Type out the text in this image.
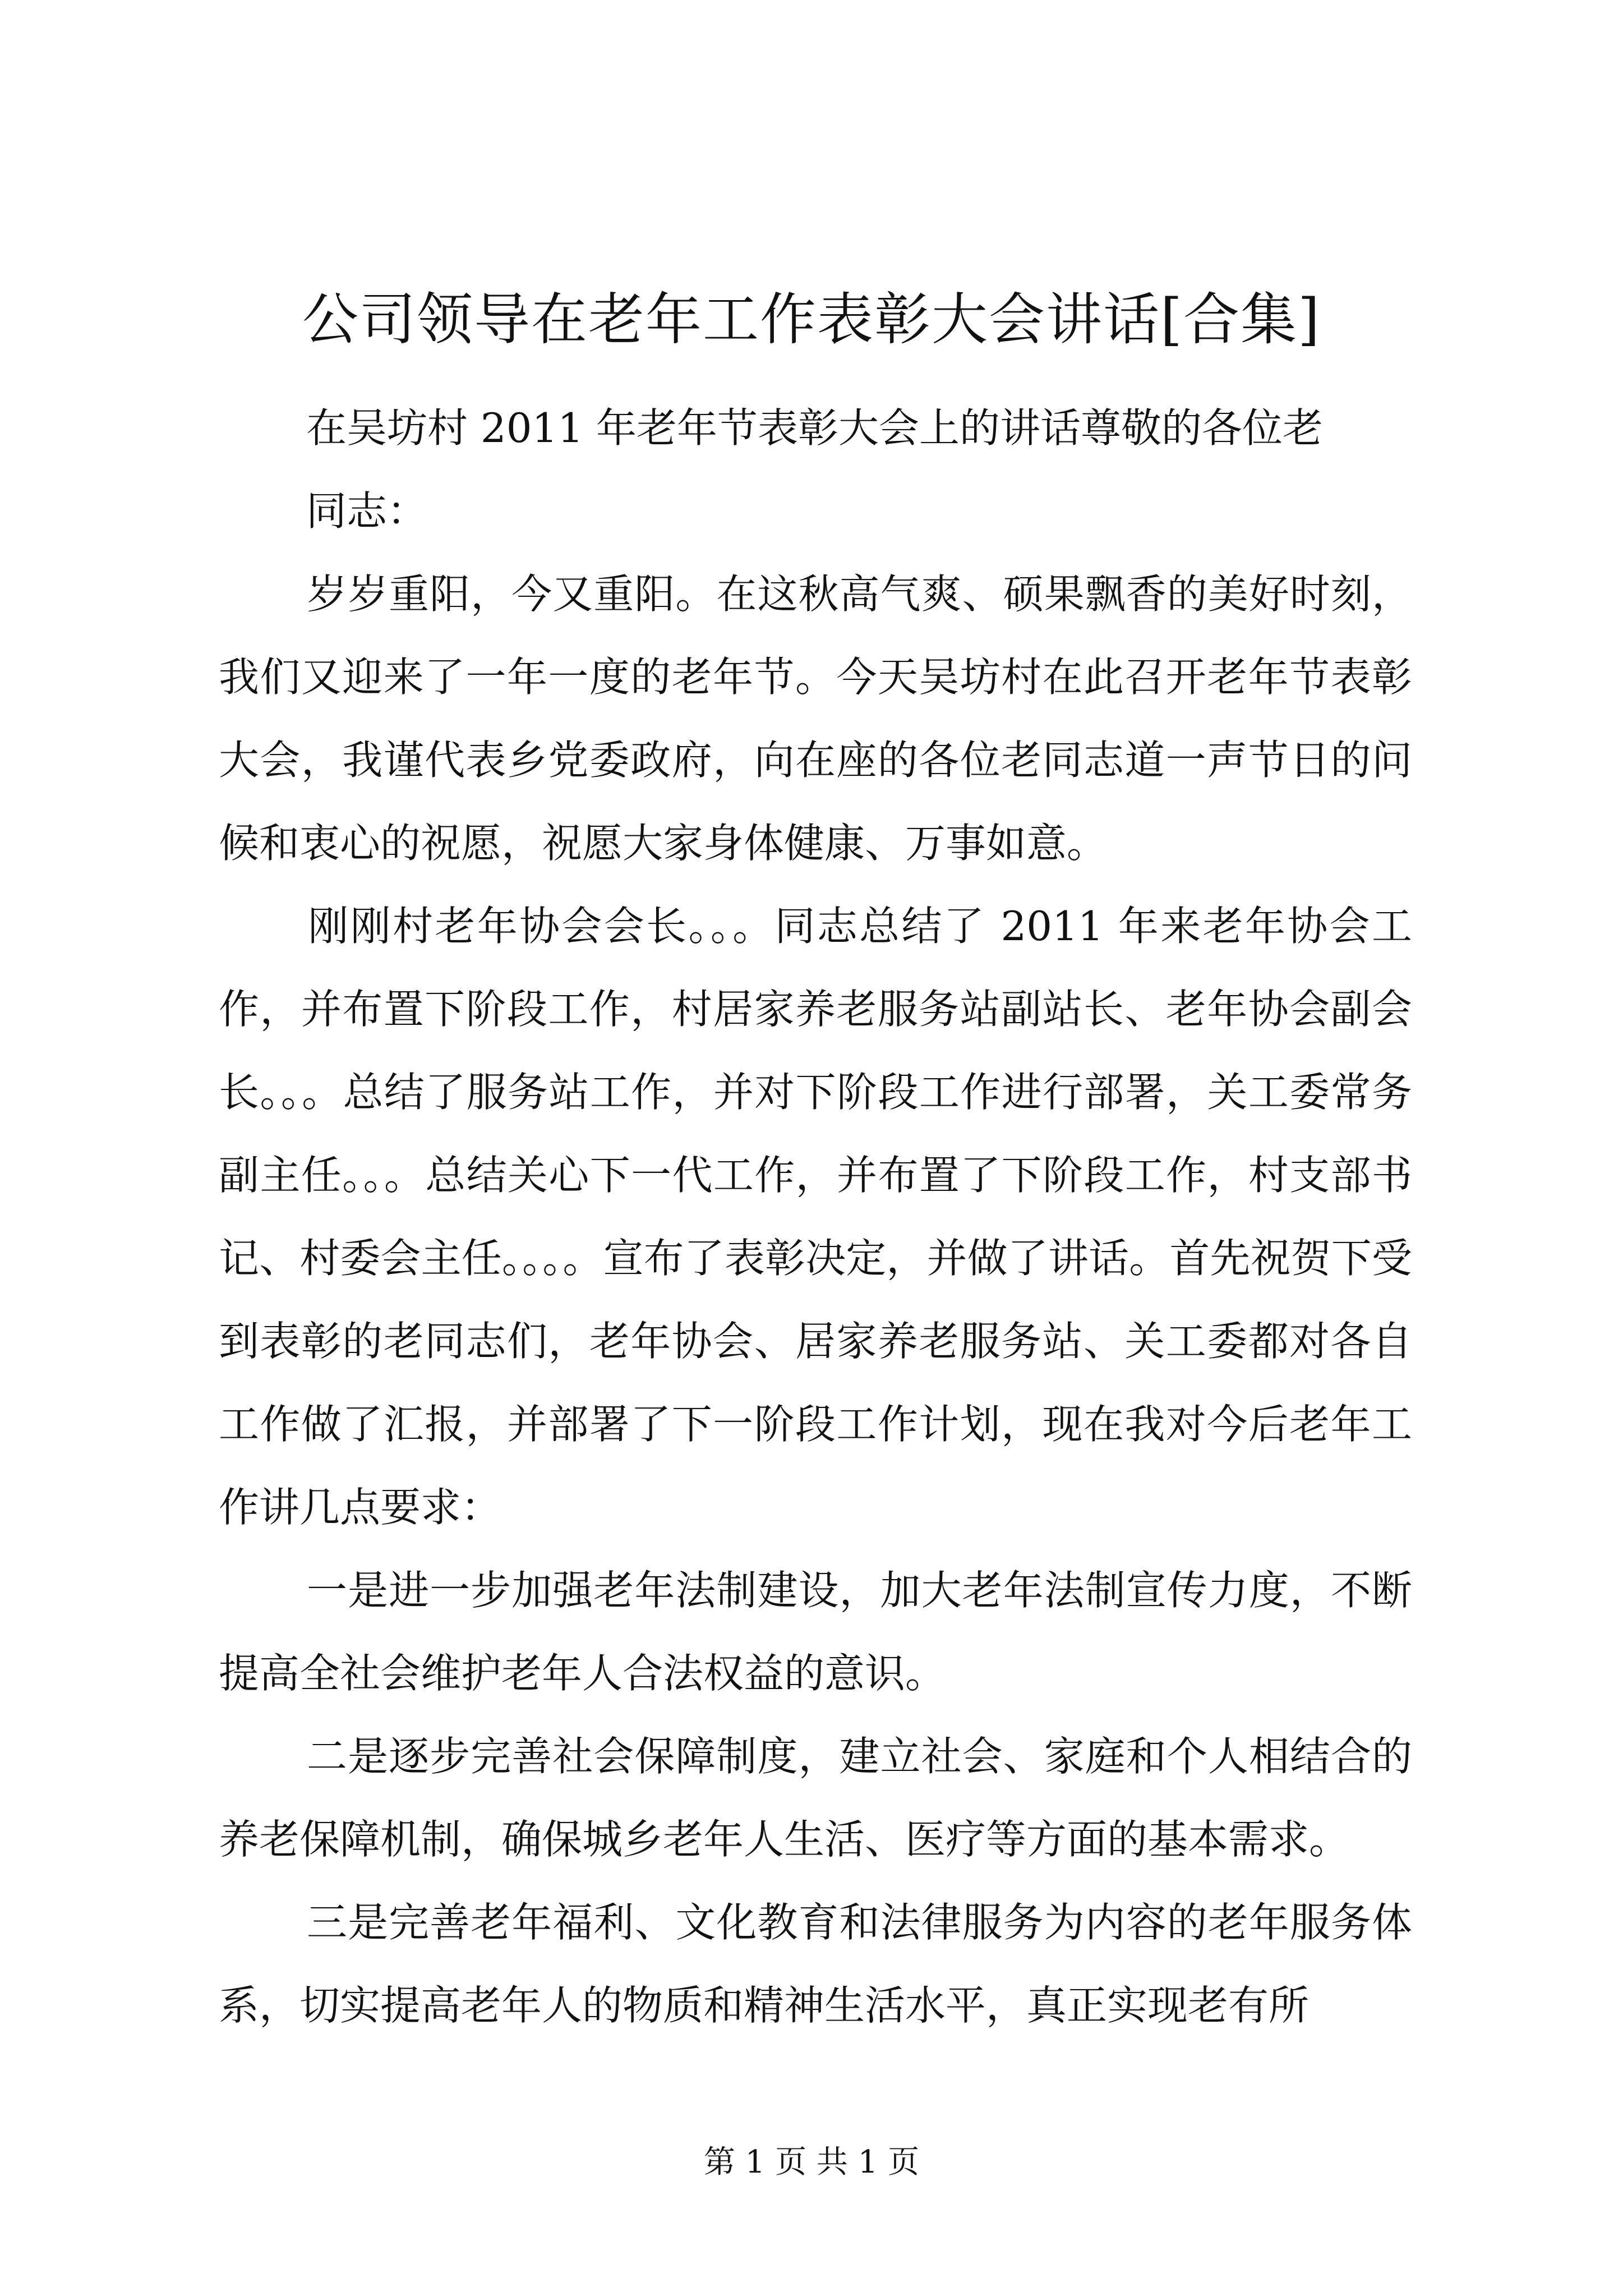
公司领导在老年工作表彰大会讲话[合集]
在吴坊村 2011 年老年节表彰大会上的讲话尊敬的各位老
同志：
岁岁重阳，今又重阳。在这秋高气爽、硕果飘香的美好时刻，我们又迎来了一年一度的老年节。今天吴坊村在此召开老年节表彰大会，我谨代表乡党委政府，向在座的各位老同志道一声节日的问候和衷心的祝愿，祝愿大家身体健康、万事如意。
刚刚村老年协会会长。。。同志总结了 2011 年来老年协会工作，并布置下阶段工作，村居家养老服务站副站长、老年协会副会长。。。总结了服务站工作，并对下阶段工作进行部署，关工委常务副主任。。。总结关心下一代工作，并布置了下阶段工作，村支部书记、村委会主任。。。。宣布了表彰决定，并做了讲话。首先祝贺下受到表彰的老同志们，老年协会、居家养老服务站、关工委都对各自工作做了汇报，并部署了下一阶段工作计划，现在我对今后老年工作讲几点要求：
一是进一步加强老年法制建设，加大老年法制宣传力度，不断提高全社会维护老年人合法权益的意识。
二是逐步完善社会保障制度，建立社会、家庭和个人相结合的养老保障机制，确保城乡老年人生活、医疗等方面的基本需求。
三是完善老年福利、文化教育和法律服务为内容的老年服务体系，切实提高老年人的物质和精神生活水平，真正实现老有所
第 1 页 共 1 页
